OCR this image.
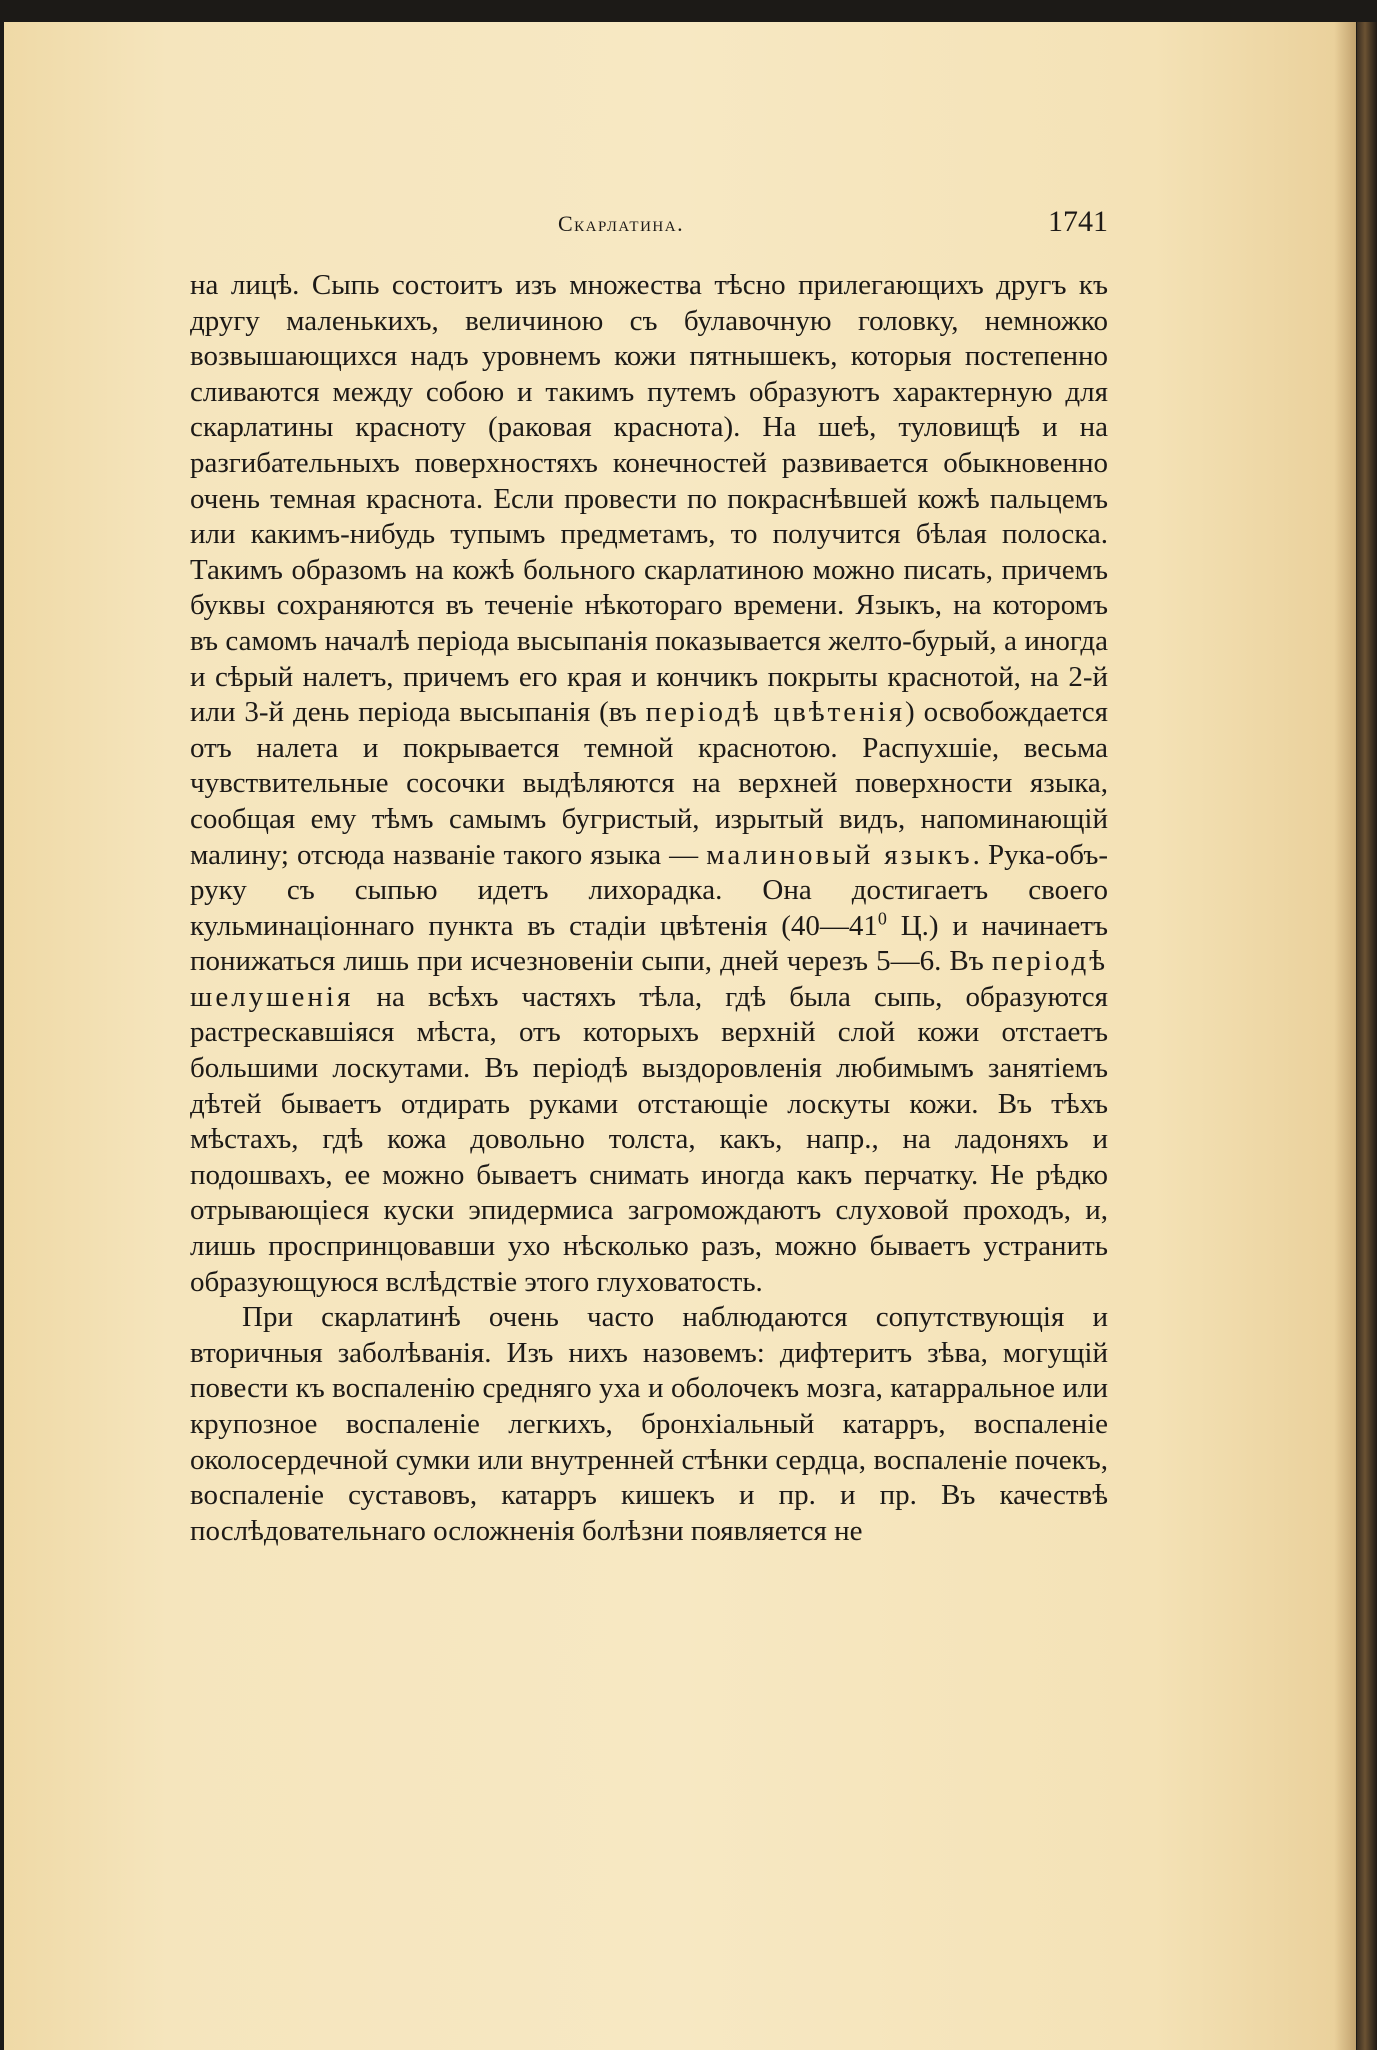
Скарлатина.	1741

на лицѣ. Сыпь состоитъ изъ множества тѣсно прилегающихъ другъ къ другу маленькихъ, величиною съ булавочную головку, немножко возвышающихся надъ уровнемъ кожи пятнышекъ, которыя постепенно сливаются между собою и такимъ путемъ образуютъ характерную для скарлатины красноту (раковая краснота). На шеѣ, туловищѣ и на разгибательныхъ поверхностяхъ конечностей развивается обыкновенно очень темная краснота. Если провести по покраснѣвшей кожѣ пальцемъ или какимъ-нибудь тупымъ предметамъ, то получится бѣлая полоска. Такимъ образомъ на кожѣ больного скарлатиною можно писать, причемъ буквы сохраняются въ теченіе нѣкотораго времени. Языкъ, на которомъ въ самомъ началѣ періода высыпанія показывается желто-бурый, а иногда и сѣрый налетъ, причемъ его края и кончикъ покрыты краснотой, на 2-й или 3-й день періода высыпанія (въ періодѣ цвѣтенія) освобождается отъ налета и покрывается темной краснотою. Распухшіе, весьма чувствительные сосочки выдѣляются на верхней поверхности языка, сообщая ему тѣмъ самымъ бугристый, изрытый видъ, напоминающій малину; отсюда названіе такого языка — малиновый языкъ. Рука-объ-руку съ сыпью идетъ лихорадка. Она достигаетъ своего кульминаціоннаго пункта въ стадіи цвѣтенія ($40—41^0$ Ц.) и начинаетъ понижаться лишь при исчезновеніи сыпи, дней черезъ 5—6. Въ періодѣ шелушенія на всѣхъ частяхъ тѣла, гдѣ была сыпь, образуются растрескавшіяся мѣста, отъ которыхъ верхній слой кожи отстаетъ большими лоскутами. Въ періодѣ выздоровленія любимымъ занятіемъ дѣтей бываетъ отдирать руками отстающіе лоскуты кожи. Въ тѣхъ мѣстахъ, гдѣ кожа довольно толста, какъ, напр., на ладоняхъ и подошвахъ, ее можно бываетъ снимать иногда какъ перчатку. Не рѣдко отрывающіеся куски эпидермиса загромождаютъ слуховой проходъ, и, лишь проспринцовавши ухо нѣсколько разъ, можно бываетъ устранить образующуюся вслѣдствіе этого глуховатость.

При скарлатинѣ очень часто наблюдаются сопутствующія и вторичныя заболѣванія. Изъ нихъ назовемъ: дифтеритъ зѣва, могущій повести къ воспаленію средняго уха и оболочекъ мозга, катарральное или крупозное воспаленіе легкихъ, бронхіальный катарръ, воспаленіе околосердечной сумки или внутренней стѣнки сердца, воспаленіе почекъ, воспаленіе суставовъ, катарръ кишекъ и пр. и пр. Въ качествѣ послѣдовательнаго осложненія болѣзни появляется не
